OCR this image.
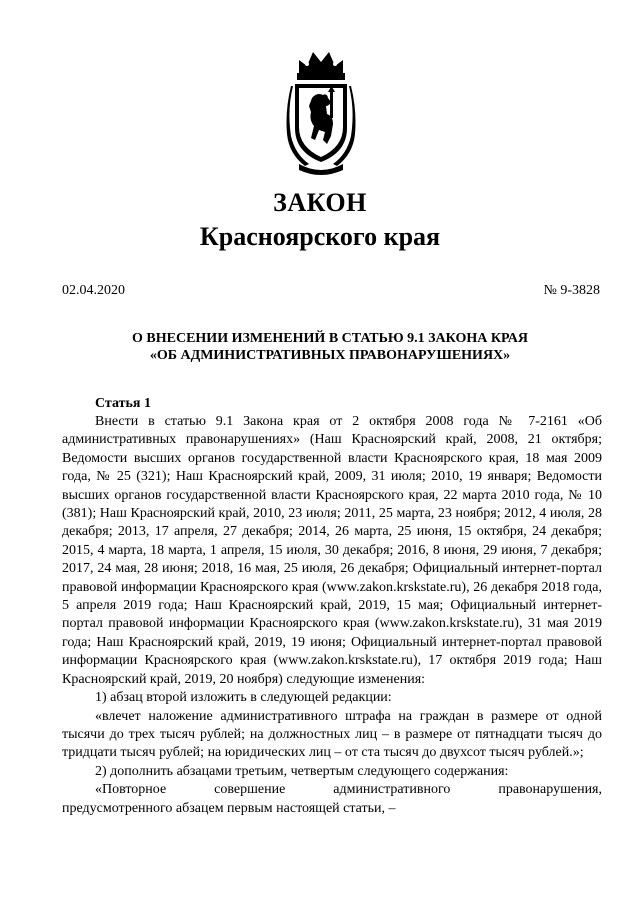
ЗАКОН
Красноярского края
02.04.2020	№ 9-3828
О ВНЕСЕНИИ ИЗМЕНЕНИЙ В СТАТЬЮ 9.1 ЗАКОНА КРАЯ
«ОБ АДМИНИСТРАТИВНЫХ ПРАВОНАРУШЕНИЯХ»
Статья 1

Внести в статью 9.1 Закона края от 2 октября 2008 года № 7-2161 «Об административных правонарушениях» (Наш Красноярский край, 2008, 21 октября; Ведомости высших органов государственной власти Красноярского края, 18 мая 2009 года, № 25 (321); Наш Красноярский край, 2009, 31 июля; 2010, 19 января; Ведомости высших органов государственной власти Красноярского края, 22 марта 2010 года, № 10 (381); Наш Красноярский край, 2010, 23 июля; 2011, 25 марта, 23 ноября; 2012, 4 июля, 28 декабря; 2013, 17 апреля, 27 декабря; 2014, 26 марта, 25 июня, 15 октября, 24 декабря; 2015, 4 марта, 18 марта, 1 апреля, 15 июля, 30 декабря; 2016, 8 июня, 29 июня, 7 декабря; 2017, 24 мая, 28 июня; 2018, 16 мая, 25 июля, 26 декабря; Официальный интернет-портал правовой информации Красноярского края (www.zakon.krskstate.ru), 26 декабря 2018 года, 5 апреля 2019 года; Наш Красноярский край, 2019, 15 мая; Официальный интернет-портал правовой информации Красноярского края (www.zakon.krskstate.ru), 31 мая 2019 года; Наш Красноярский край, 2019, 19 июня; Официальный интернет-портал правовой информации Красноярского края (www.zakon.krskstate.ru), 17 октября 2019 года; Наш Красноярский край, 2019, 20 ноября) следующие изменения:

1) абзац второй изложить в следующей редакции:

«влечет наложение административного штрафа на граждан в размере от одной тысячи до трех тысяч рублей; на должностных лиц – в размере от пятнадцати тысяч до тридцати тысяч рублей; на юридических лиц – от ста тысяч до двухсот тысяч рублей.»;

2) дополнить абзацами третьим, четвертым следующего содержания:

«Повторное совершение административного правонарушения,

предусмотренного абзацем первым настоящей статьи, –
